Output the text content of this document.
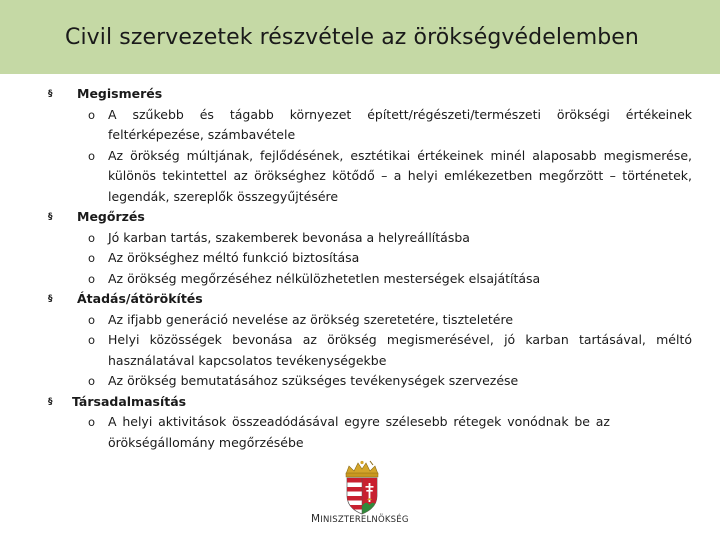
Civil szervezetek részvétele az örökségvédelemben
§ Megismerés
o A szűkebb és tágabb környezet épített/régészeti/természeti örökségi értékeinek feltérképezése, számbavétele
o Az örökség múltjának, fejlődésének, esztétikai értékeinek minél alaposabb megismerése, különös tekintettel az örökséghez kötődő – a helyi emlékezetben megőrzött – történetek, legendák, szereplők összegyűjtésére
§ Megőrzés
o Jó karban tartás, szakemberek bevonása a helyreállításba
o Az örökséghez méltó funkció biztosítása
o Az örökség megőrzéséhez nélkülözhetetlen mesterségek elsajátítása
§ Átadás/átörökítés
o Az ifjabb generáció nevelése az örökség szeretetére, tiszteletére
o Helyi közösségek bevonása az örökség megismerésével, jó karban tartásával, méltó használatával kapcsolatos tevékenységekbe
o Az örökség bemutatásához szükséges tevékenységek szervezése
§ Társadalmasítás
o A helyi aktivitások összeadódásával egyre szélesebb rétegek vonódnak be az örökségállomány megőrzésébe
MINISZTERELNÖKSÉG
